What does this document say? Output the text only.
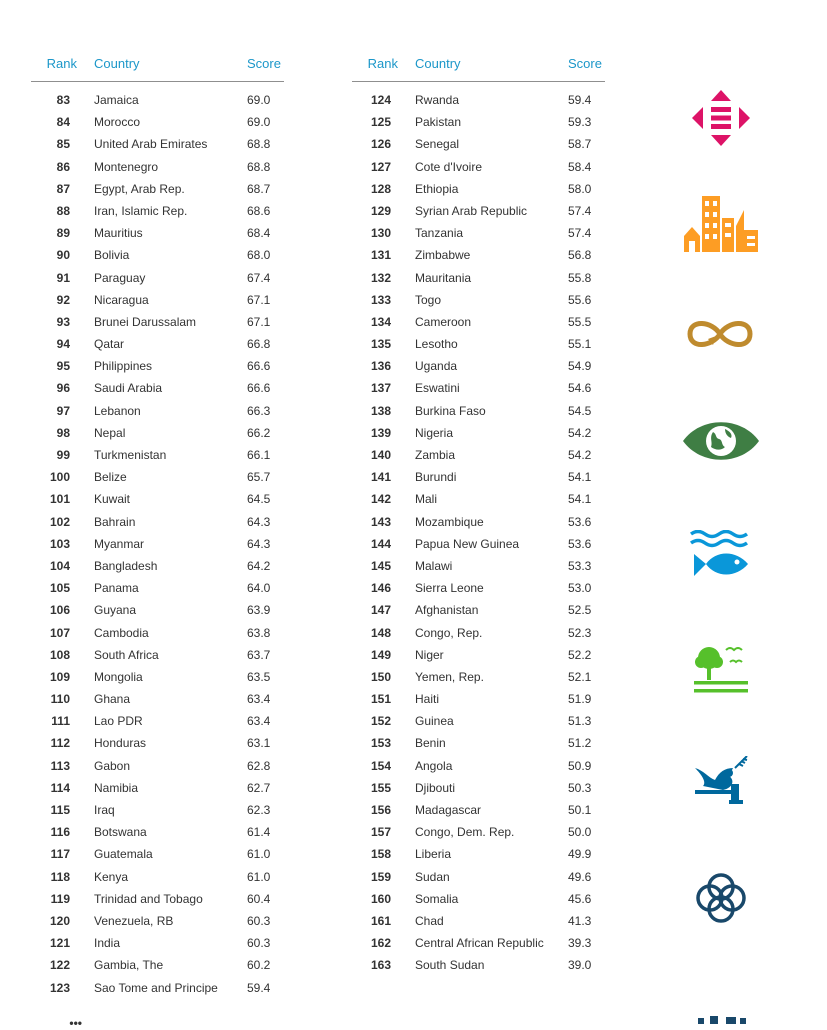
Rank Country	Score
83 Jamaica	69.0
84 Morocco	69.0
85 United Arab Emirates	68.8
86 Montenegro	68.8
87 Egypt, Arab Rep.	68.7
88 Iran, Islamic Rep.	68.6
89 Mauritius	68.4
90 Bolivia	68.0
91 Paraguay	67.4
92 Nicaragua	67.1
93 Brunei Darussalam	67.1
94 Qatar	66.8
95 Philippines	66.6
96 Saudi Arabia	66.6
97 Lebanon	66.3
98 Nepal	66.2
99 Turkmenistan	66.1
100 Belize	65.7
101 Kuwait	64.5
102 Bahrain	64.3
103 Myanmar	64.3
104 Bangladesh	64.2
105 Panama	64.0
106 Guyana	63.9
107 Cambodia	63.8
108 South Africa	63.7
109 Mongolia	63.5
110 Ghana	63.4
111 Lao PDR	63.4
112 Honduras	63.1
113 Gabon	62.8
114 Namibia	62.7
115 Iraq	62.3
116 Botswana	61.4
117 Guatemala	61.0
118 Kenya	61.0
119 Trinidad and Tobago	60.4
120 Venezuela, RB	60.3
121 India	60.3
122 Gambia, The	60.2
123 Sao Tome and Principe 59.4
Rank Country	Score
124 Rwanda	59.4
125 Pakistan	59.3
126 Senegal	58.7
127 Cote d'Ivoire	58.4
128 Ethiopia	58.0
129 Syrian Arab Republic	57.4
130 Tanzania	57.4
131 Zimbabwe	56.8
132 Mauritania	55.8
133 Togo	55.6
134 Cameroon	55.5
135 Lesotho	55.1
136 Uganda	54.9
137 Eswatini	54.6
138 Burkina Faso	54.5
139 Nigeria	54.2
140 Zambia	54.2
141 Burundi	54.1
142 Mali	54.1
143 Mozambique	53.6
144 Papua New Guinea	53.6
145 Malawi	53.3
146 Sierra Leone	53.0
147 Afghanistan	52.5
148 Congo, Rep.	52.3
149 Niger	52.2
150 Yemen, Rep.	52.1
151 Haiti	51.9
152 Guinea	51.3
153 Benin	51.2
154 Angola	50.9
155 Djibouti	50.3
156 Madagascar	50.1
157 Congo, Dem. Rep.	50.0
158 Liberia	49.9
159 Sudan	49.6
160 Somalia	45.6
161 Chad	41.3
162 Central African Republic 39.3
163 South Sudan	39.0
•••
